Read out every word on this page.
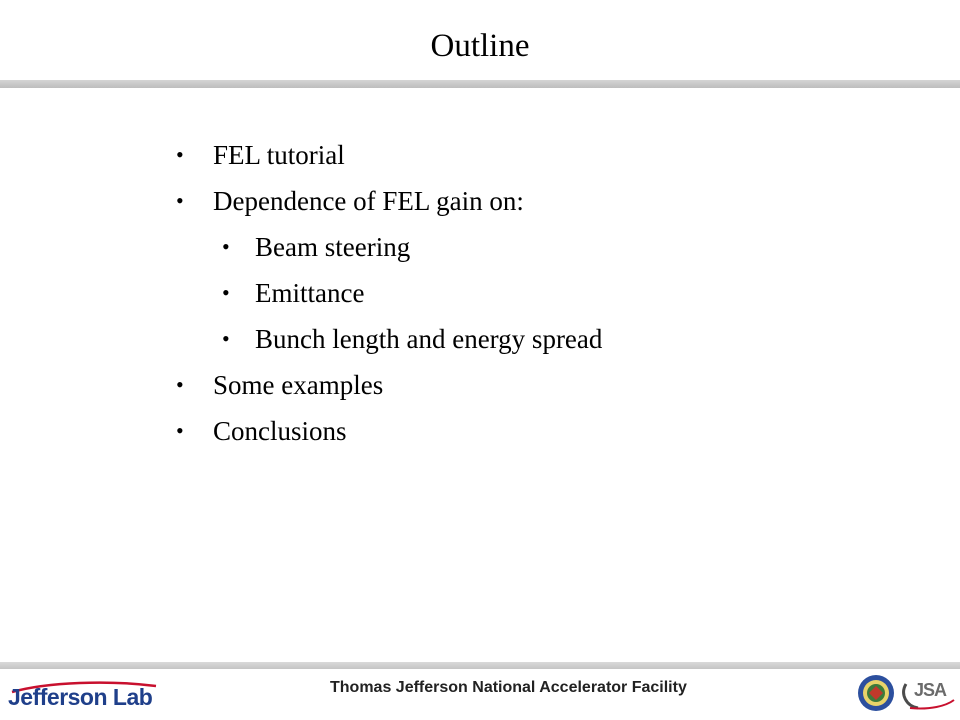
Outline
• FEL tutorial
• Dependence of FEL gain on:
• Beam steering
• Emittance
• Bunch length and energy spread
• Some examples
• Conclusions
Jefferson Lab	Thomas Jefferson National Accelerator Facility	JSA
